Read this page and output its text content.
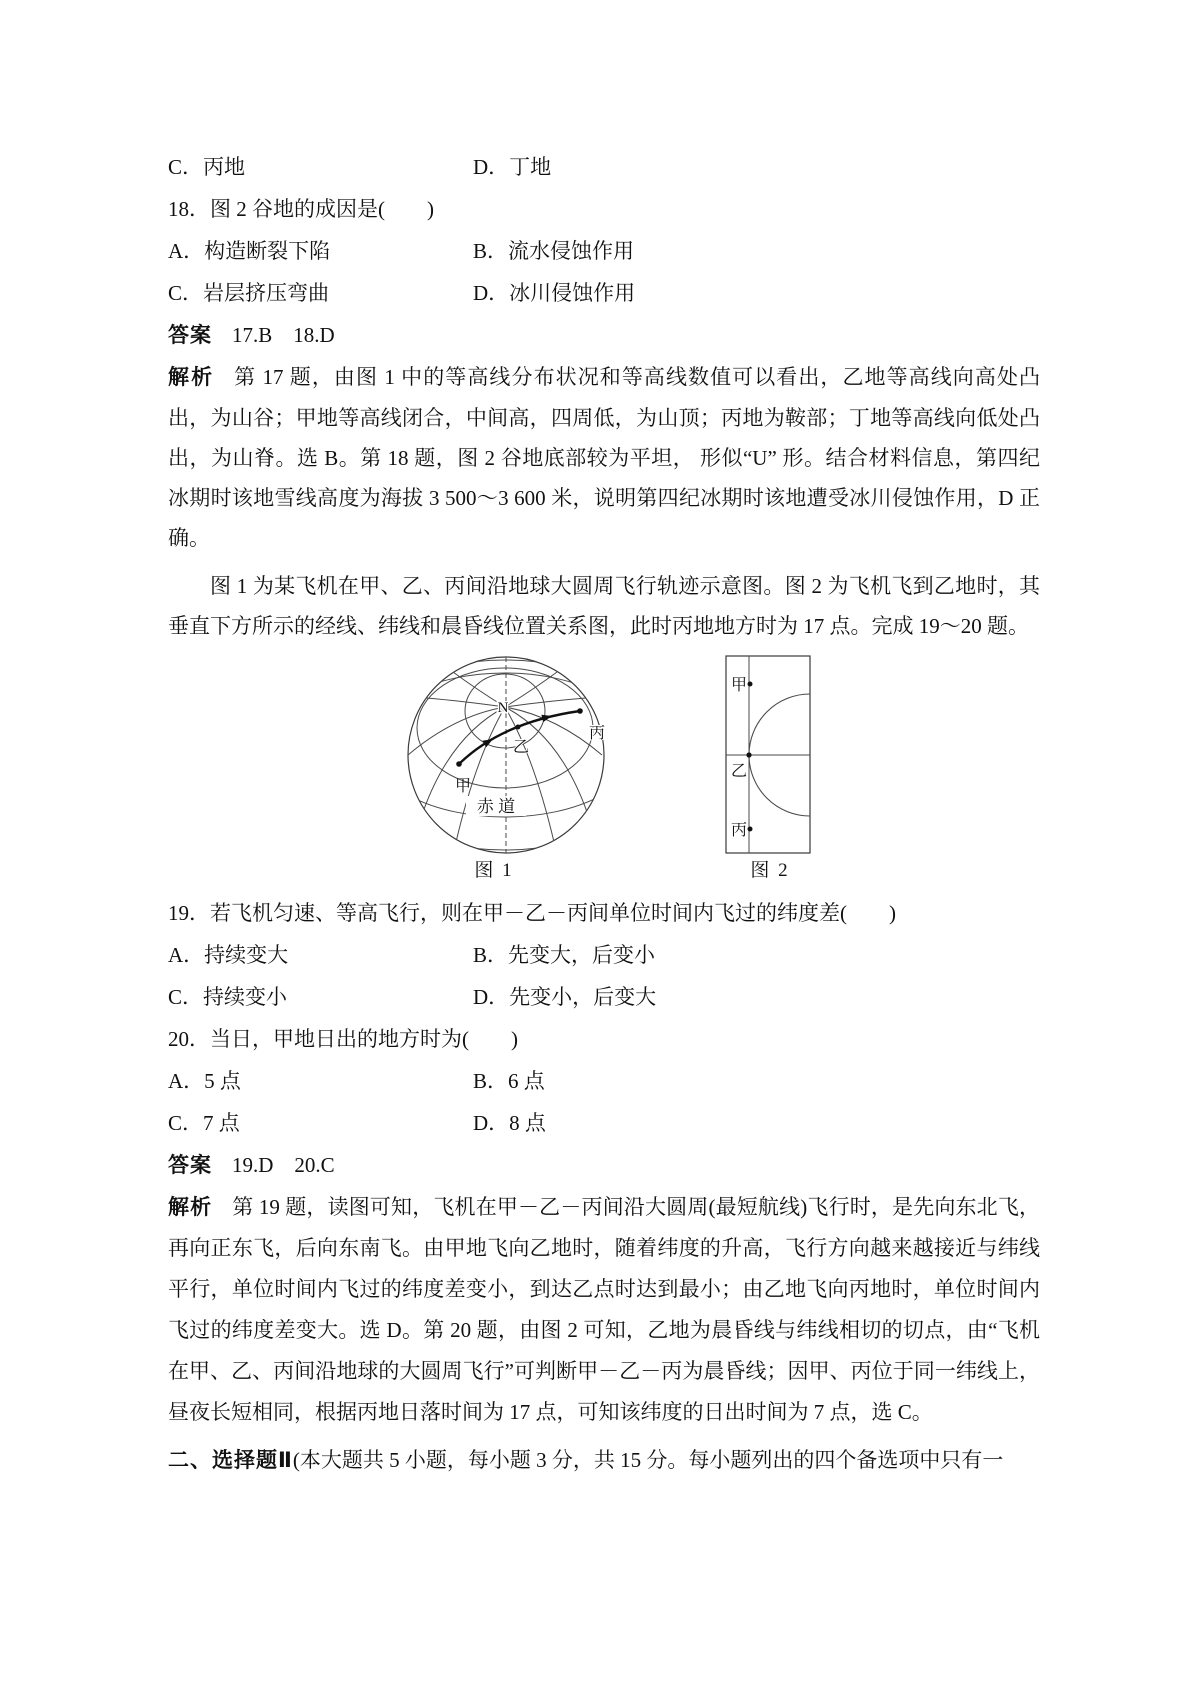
C．丙地	D．丁地
18．图 2 谷地的成因是(　　)
A．构造断裂下陷	B．流水侵蚀作用
C．岩层挤压弯曲	D．冰川侵蚀作用
答案 17.B　18.D

解析 第 17 题，由图 1 中的等高线分布状况和等高线数值可以看出，乙地等高线向高处凸出，为山谷；甲地等高线闭合，中间高，四周低，为山顶；丙地为鞍部；丁地等高线向低处凸出，为山脊。选 B。第 18 题，图 2 谷地底部较为平坦， 形似“U” 形。结合材料信息，第四纪冰期时该地雪线高度为海拔 3 500～3 600 米，说明第四纪冰期时该地遭受冰川侵蚀作用，D 正确。

图 1 为某飞机在甲、乙、丙间沿地球大圆周飞行轨迹示意图。图 2 为飞机飞到乙地时，其垂直下方所示的经线、纬线和晨昏线位置关系图，此时丙地地方时为 17 点。完成 19～20 题。

赤 道
N
甲
乙
丙
图 1
甲
乙
丙
图 2
19．若飞机匀速、等高飞行，则在甲－乙－丙间单位时间内飞过的纬度差(　　)
A．持续变大	B．先变大，后变小
C．持续变小	D．先变小，后变大
20．当日，甲地日出的地方时为(　　)
A．5 点	B．6 点
C．7 点	D．8 点
答案 19.D　20.C

解析 第 19 题，读图可知，飞机在甲－乙－丙间沿大圆周(最短航线)飞行时，是先向东北飞，再向正东飞，后向东南飞。由甲地飞向乙地时，随着纬度的升高，飞行方向越来越接近与纬线平行，单位时间内飞过的纬度差变小，到达乙点时达到最小；由乙地飞向丙地时，单位时间内飞过的纬度差变大。选 D。第 20 题，由图 2 可知，乙地为晨昏线与纬线相切的切点，由“飞机在甲、乙、丙间沿地球的大圆周飞行”可判断甲－乙－丙为晨昏线；因甲、丙位于同一纬线上，昼夜长短相同，根据丙地日落时间为 17 点，可知该纬度的日出时间为 7 点，选 C。

二、选择题Ⅱ(本大题共 5 小题，每小题 3 分，共 15 分。每小题列出的四个备选项中只有一
